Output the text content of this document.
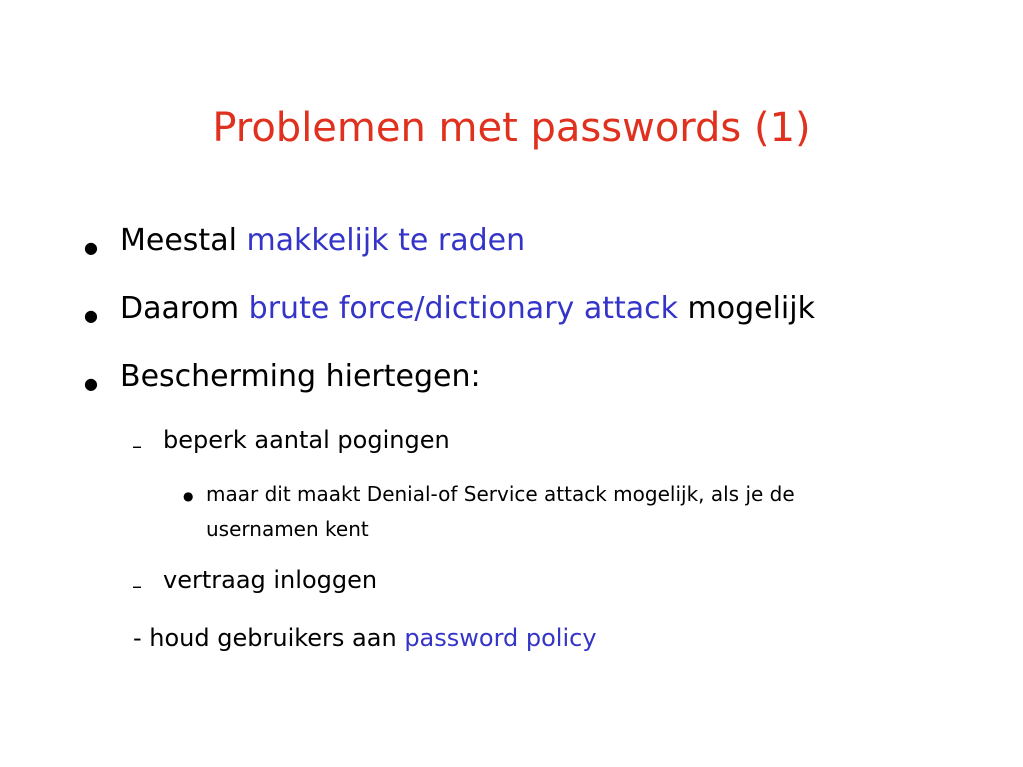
Problemen met passwords (1)
● Meestal makkelijk te raden
● Daarom brute force/dictionary attack mogelijk
● Bescherming hiertegen:
– beperk aantal pogingen
● maar dit maakt Denial-of Service attack mogelijk, als je de
usernamen kent
– vertraag inloggen
- houd gebruikers aan password policy
